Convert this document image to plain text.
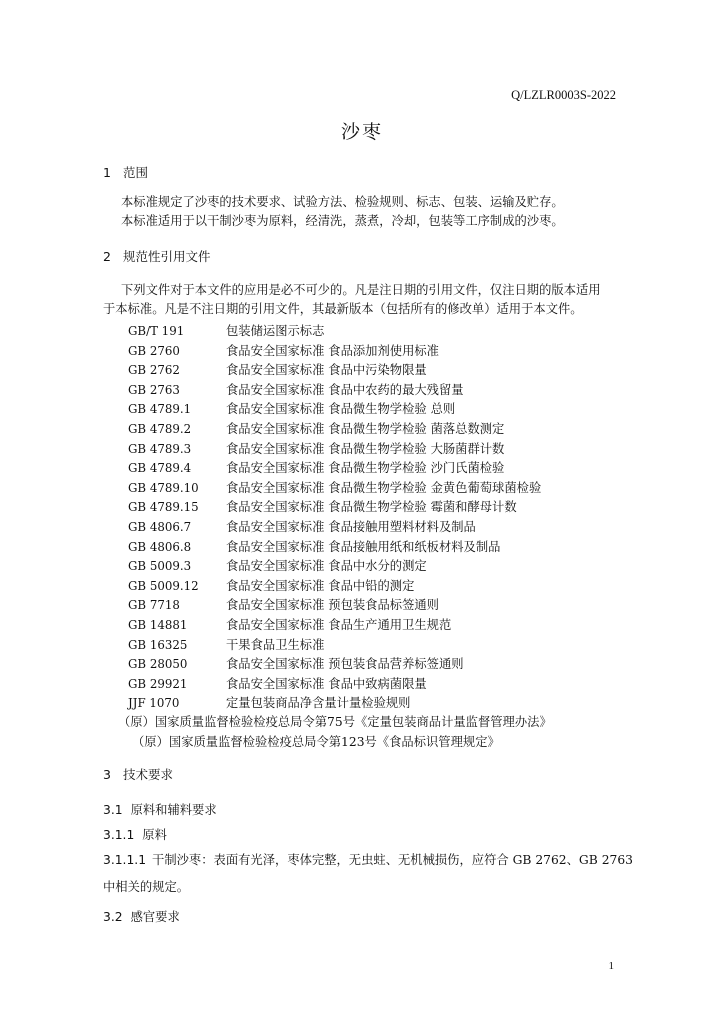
Q/LZLR0003S-2022
沙枣
1 范围
本标准规定了沙枣的技术要求、试验方法、检验规则、标志、包装、运输及贮存。
本标准适用于以干制沙枣为原料，经清洗，蒸煮，冷却，包装等工序制成的沙枣。
2 规范性引用文件
下列文件对于本文件的应用是必不可少的。凡是注日期的引用文件，仅注日期的版本适用
于本标准。凡是不注日期的引用文件，其最新版本（包括所有的修改单）适用于本文件。
GB/T 191	包装储运图示标志
GB 2760	食品安全国家标准 食品添加剂使用标准
GB 2762	食品安全国家标准 食品中污染物限量
GB 2763	食品安全国家标准 食品中农药的最大残留量
GB 4789.1	食品安全国家标准 食品微生物学检验 总则
GB 4789.2	食品安全国家标准 食品微生物学检验 菌落总数测定
GB 4789.3	食品安全国家标准 食品微生物学检验 大肠菌群计数
GB 4789.4	食品安全国家标准 食品微生物学检验 沙门氏菌检验
GB 4789.10 食品安全国家标准 食品微生物学检验 金黄色葡萄球菌检验
GB 4789.15 食品安全国家标准 食品微生物学检验 霉菌和酵母计数
GB 4806.7	食品安全国家标准 食品接触用塑料材料及制品
GB 4806.8	食品安全国家标准 食品接触用纸和纸板材料及制品
GB 5009.3	食品安全国家标准 食品中水分的测定
GB 5009.12 食品安全国家标准 食品中铅的测定
GB 7718	食品安全国家标准 预包装食品标签通则
GB 14881	食品安全国家标准 食品生产通用卫生规范
GB 16325	干果食品卫生标准
GB 28050	食品安全国家标准 预包装食品营养标签通则
GB 29921	食品安全国家标准 食品中致病菌限量
JJF 1070	定量包装商品净含量计量检验规则
（原）国家质量监督检验检疫总局令第75号《定量包装商品计量监督管理办法》
（原）国家质量监督检验检疫总局令第123号《食品标识管理规定》
3 技术要求
3.1 原料和辅料要求
3.1.1 原料
3.1.1.1 干制沙枣：表面有光泽，枣体完整，无虫蛀、无机械损伤，应符合 GB 2762、GB 2763
中相关的规定。
3.2 感官要求
1
